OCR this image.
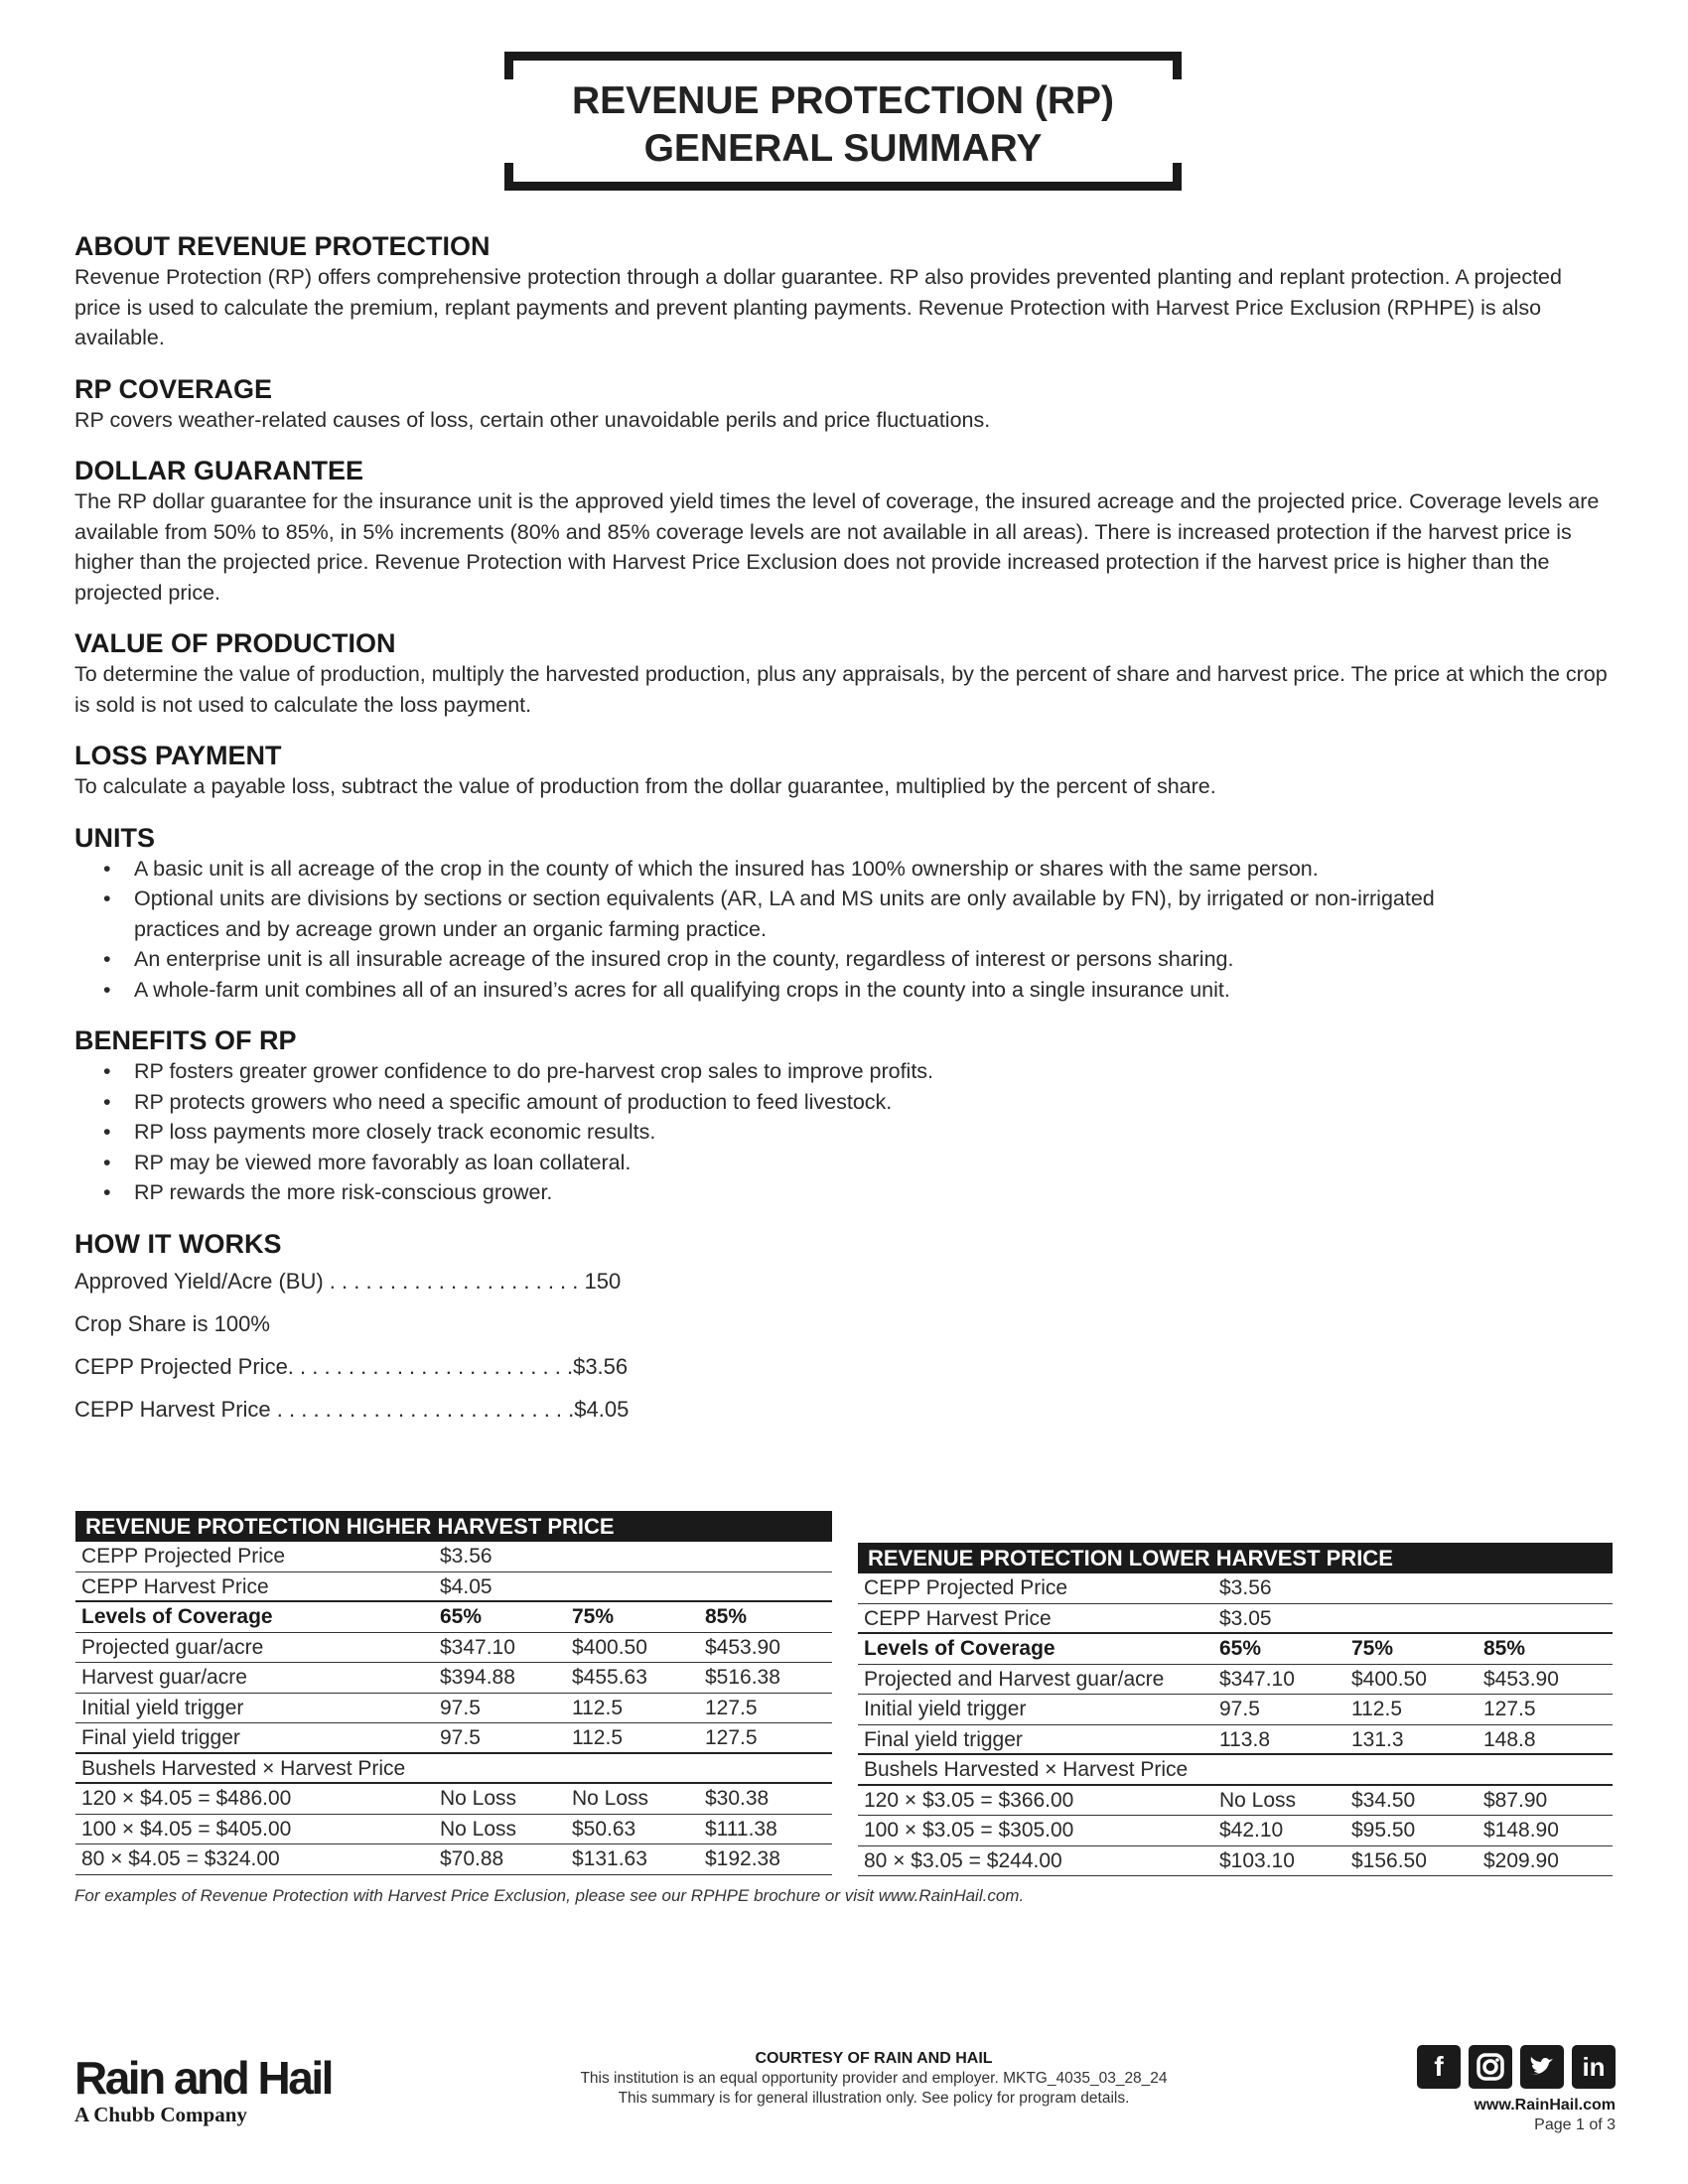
REVENUE PROTECTION (RP)
GENERAL SUMMARY
ABOUT REVENUE PROTECTION

Revenue Protection (RP) offers comprehensive protection through a dollar guarantee. RP also provides prevented planting and replant protection. A projected price is used to calculate the premium, replant payments and prevent planting payments. Revenue Protection with Harvest Price Exclusion (RPHPE) is also available.

RP COVERAGE

RP covers weather-related causes of loss, certain other unavoidable perils and price fluctuations.

DOLLAR GUARANTEE

The RP dollar guarantee for the insurance unit is the approved yield times the level of coverage, the insured acreage and the projected price. Coverage levels are available from 50% to 85%, in 5% increments (80% and 85% coverage levels are not available in all areas). There is increased protection if the harvest price is higher than the projected price. Revenue Protection with Harvest Price Exclusion does not provide increased protection if the harvest price is higher than the projected price.

VALUE OF PRODUCTION

To determine the value of production, multiply the harvested production, plus any appraisals, by the percent of share and harvest price. The price at which the crop is sold is not used to calculate the loss payment.

LOSS PAYMENT

To calculate a payable loss, subtract the value of production from the dollar guarantee, multiplied by the percent of share.

UNITS
• A basic unit is all acreage of the crop in the county of which the insured has 100% ownership or shares with the same person.
• Optional units are divisions by sections or section equivalents (AR, LA and MS units are only available by FN), by irrigated or non-irrigated practices and by acreage grown under an organic farming practice.
• An enterprise unit is all insurable acreage of the insured crop in the county, regardless of interest or persons sharing.
• A whole-farm unit combines all of an insured’s acres for all qualifying crops in the county into a single insurance unit.
BENEFITS OF RP
• RP fosters greater grower confidence to do pre-harvest crop sales to improve profits.
• RP protects growers who need a specific amount of production to feed livestock.
• RP loss payments more closely track economic results.
• RP may be viewed more favorably as loan collateral.
• RP rewards the more risk-conscious grower.
HOW IT WORKS
Approved Yield/Acre (BU) . . . . . . . . . . . . . . . . . . . . . 150
Crop Share is 100%
CEPP Projected Price. . . . . . . . . . . . . . . . . . . . . . . .$3.56
CEPP Harvest Price . . . . . . . . . . . . . . . . . . . . . . . . .$4.05
REVENUE PROTECTION HIGHER HARVEST PRICE
CEPP Projected Price	$3.56
CEPP Harvest Price	$4.05
Levels of Coverage	65%	75%	85%
Projected guar/acre	$347.10	$400.50	$453.90
Harvest guar/acre	$394.88	$455.63	$516.38
Initial yield trigger	97.5	112.5	127.5
Final yield trigger	97.5	112.5	127.5
Bushels Harvested × Harvest Price
120 × $4.05 = $486.00	No Loss	No Loss	$30.38
100 × $4.05 = $405.00	No Loss	$50.63	$111.38
80 × $4.05 = $324.00	$70.88	$131.63	$192.38
REVENUE PROTECTION LOWER HARVEST PRICE
CEPP Projected Price	$3.56
CEPP Harvest Price	$3.05
Levels of Coverage	65%	75%	85%
Projected and Harvest guar/acre	$347.10	$400.50	$453.90
Initial yield trigger	97.5	112.5	127.5
Final yield trigger	113.8	131.3	148.8
Bushels Harvested × Harvest Price
120 × $3.05 = $366.00	No Loss	$34.50	$87.90
100 × $3.05 = $305.00	$42.10	$95.50	$148.90
80 × $3.05 = $244.00	$103.10	$156.50	$209.90
For examples of Revenue Protection with Harvest Price Exclusion, please see our RPHPE brochure or visit www.RainHail.com.
Rain and Hail
A Chubb Company
COURTESY OF RAIN AND HAIL
This institution is an equal opportunity provider and employer. MKTG_4035_03_28_24
This summary is for general illustration only. See policy for program details.
f	in
www.RainHail.com
Page 1 of 3
